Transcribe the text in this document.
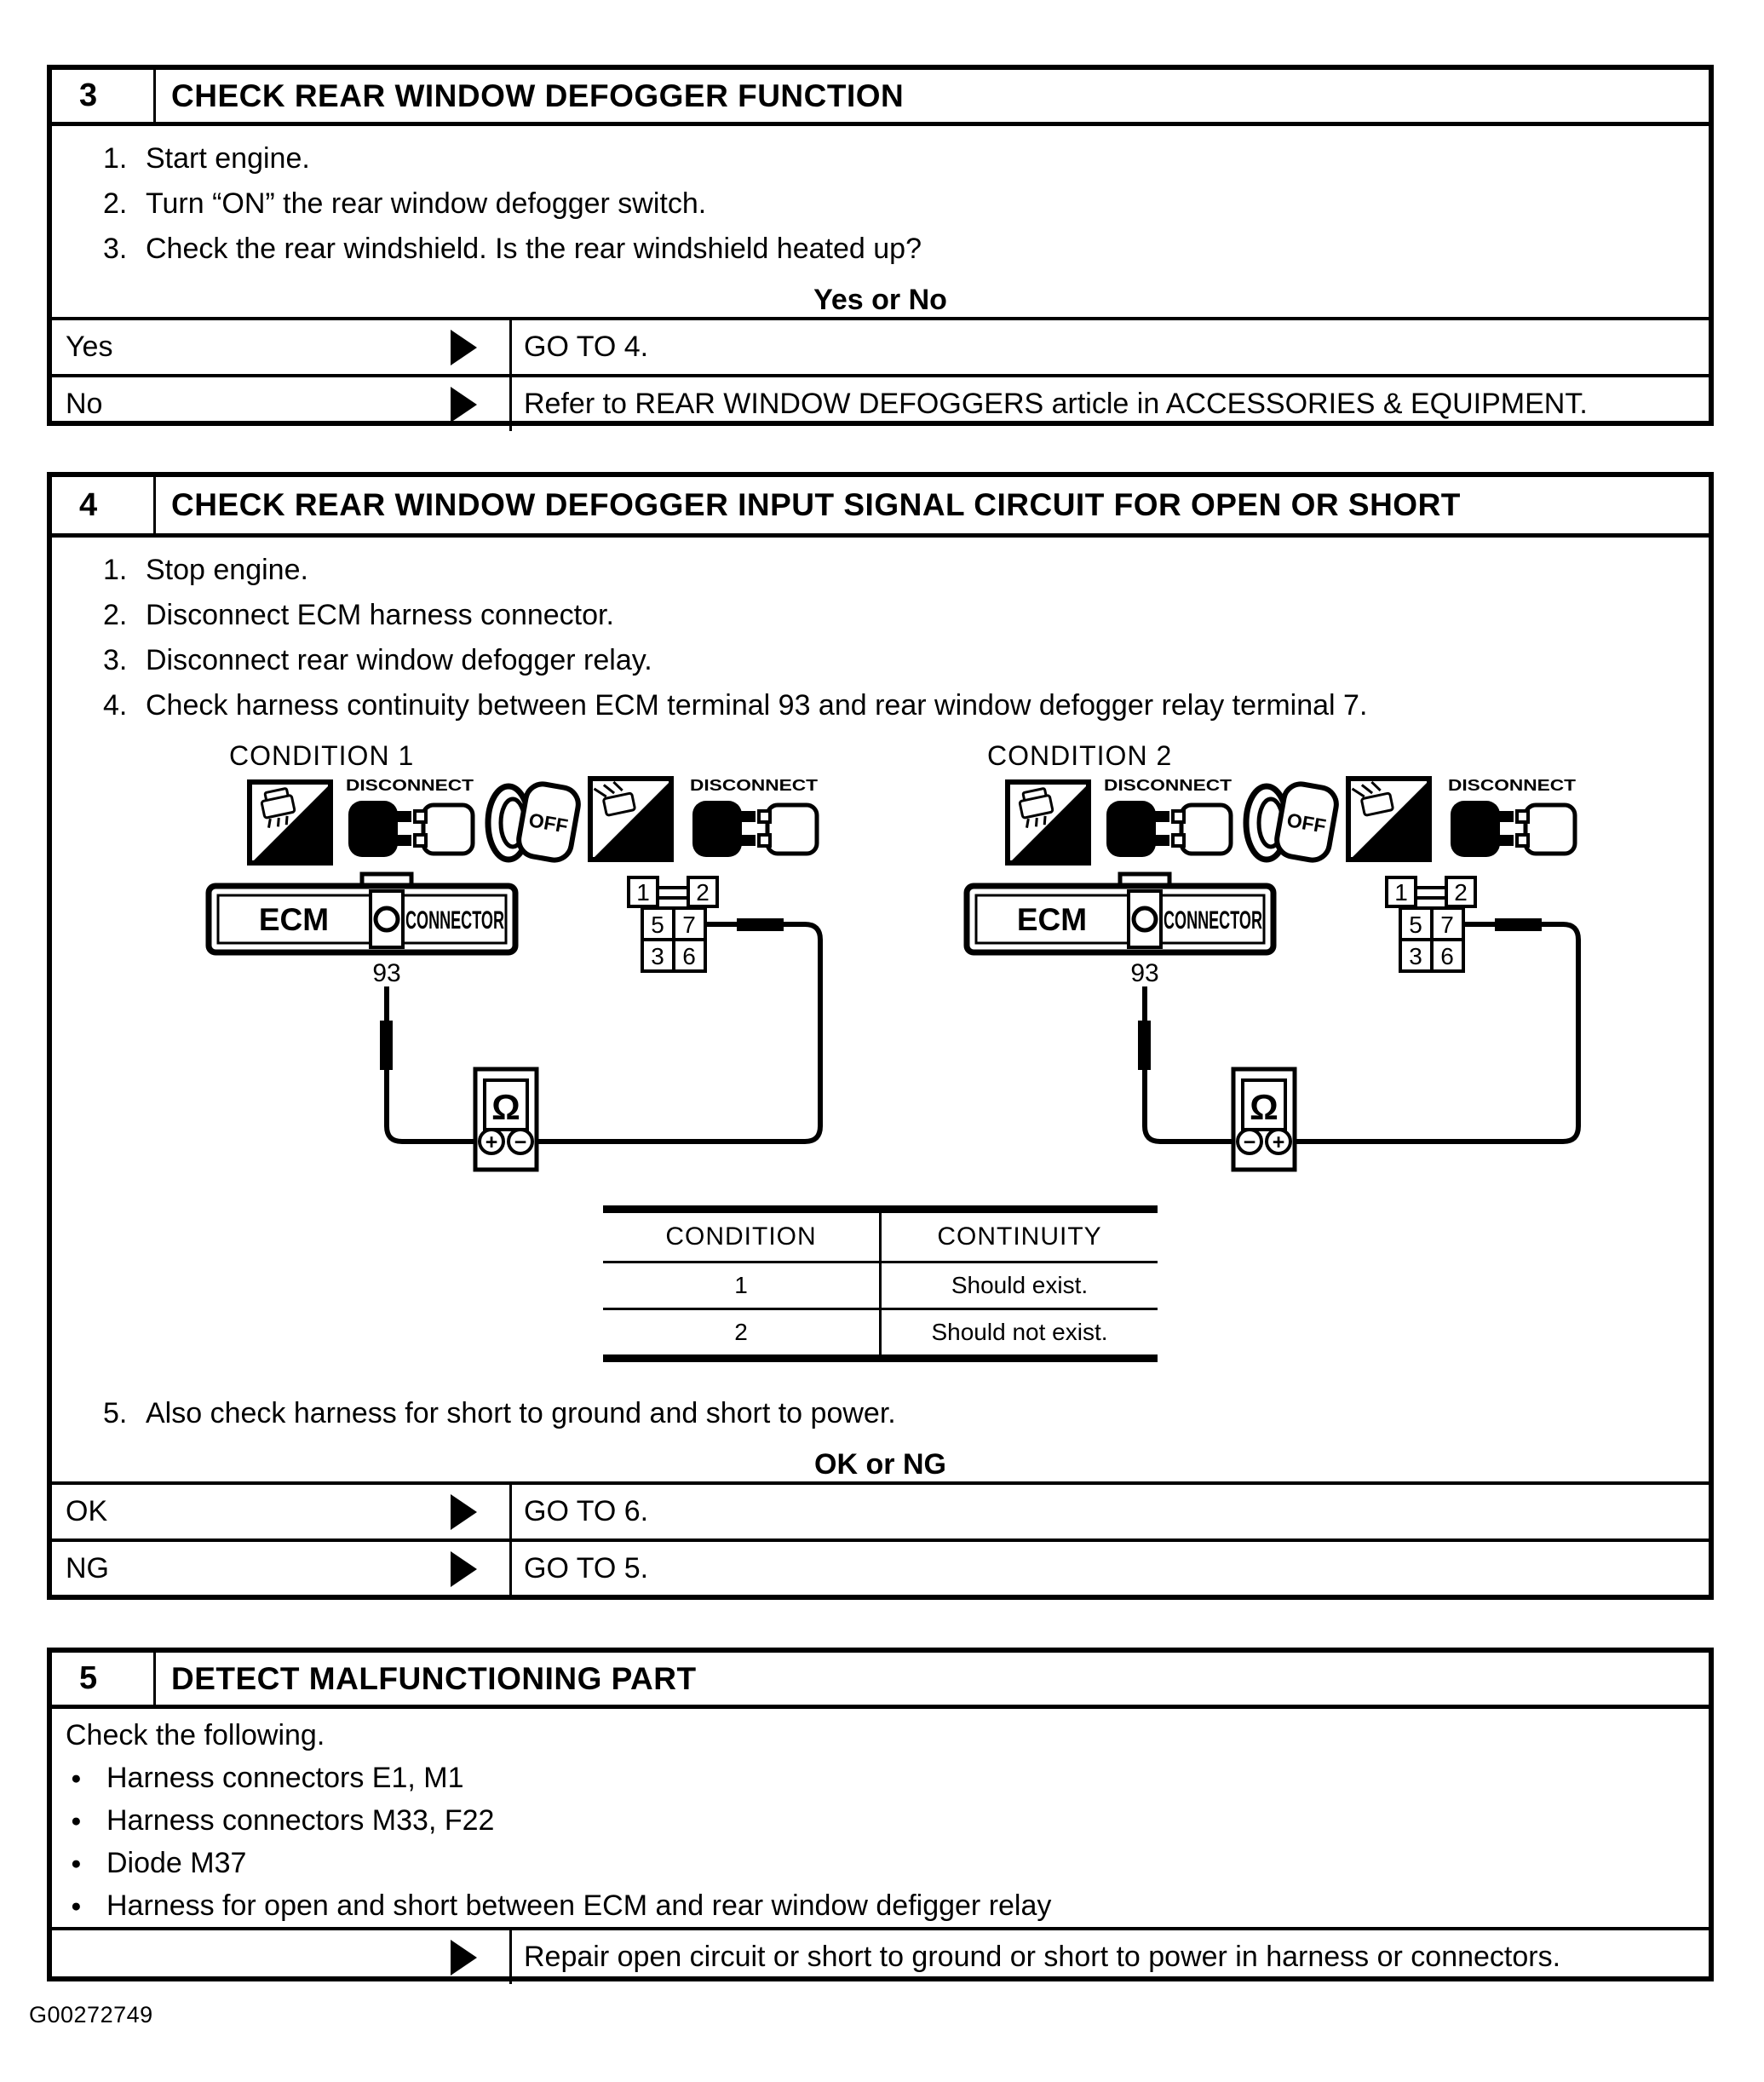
3	CHECK REAR WINDOW DEFOGGER FUNCTION
Start engine.
Turn “ON” the rear window defogger switch.
Check the rear windshield. Is the rear windshield heated up?
Yes or No
Yes	GO TO 4.
No	Refer to REAR WINDOW DEFOGGERS article in ACCESSORIES & EQUIPMENT.
4	CHECK REAR WINDOW DEFOGGER INPUT SIGNAL CIRCUIT FOR OPEN OR SHORT
Stop engine.
Disconnect ECM harness connector.
Disconnect rear window defogger relay.
Check harness continuity between ECM terminal 93 and rear window defogger relay terminal 7.
CONDITION 1
H.S.
DISCONNECT
OFF
T.S.
DISCONNECT
ECM	CONNECTOR
93
1 2
5 7
3 6
Ω
+ −
CONDITION 2
H.S.
DISCONNECT
OFF
T.S.
DISCONNECT
ECM	CONNECTOR
93
1 2
5 7
3 6
Ω
− +
CONDITION	CONTINUITY
1	Should exist.
2	Should not exist.
Also check harness for short to ground and short to power.
OK or NG
OK	GO TO 6.
NG	GO TO 5.
5	DETECT MALFUNCTIONING PART
Check the following.
● Harness connectors E1, M1
● Harness connectors M33, F22
● Diode M37
● Harness for open and short between ECM and rear window defigger relay
Repair open circuit or short to ground or short to power in harness or connectors.
G00272749
